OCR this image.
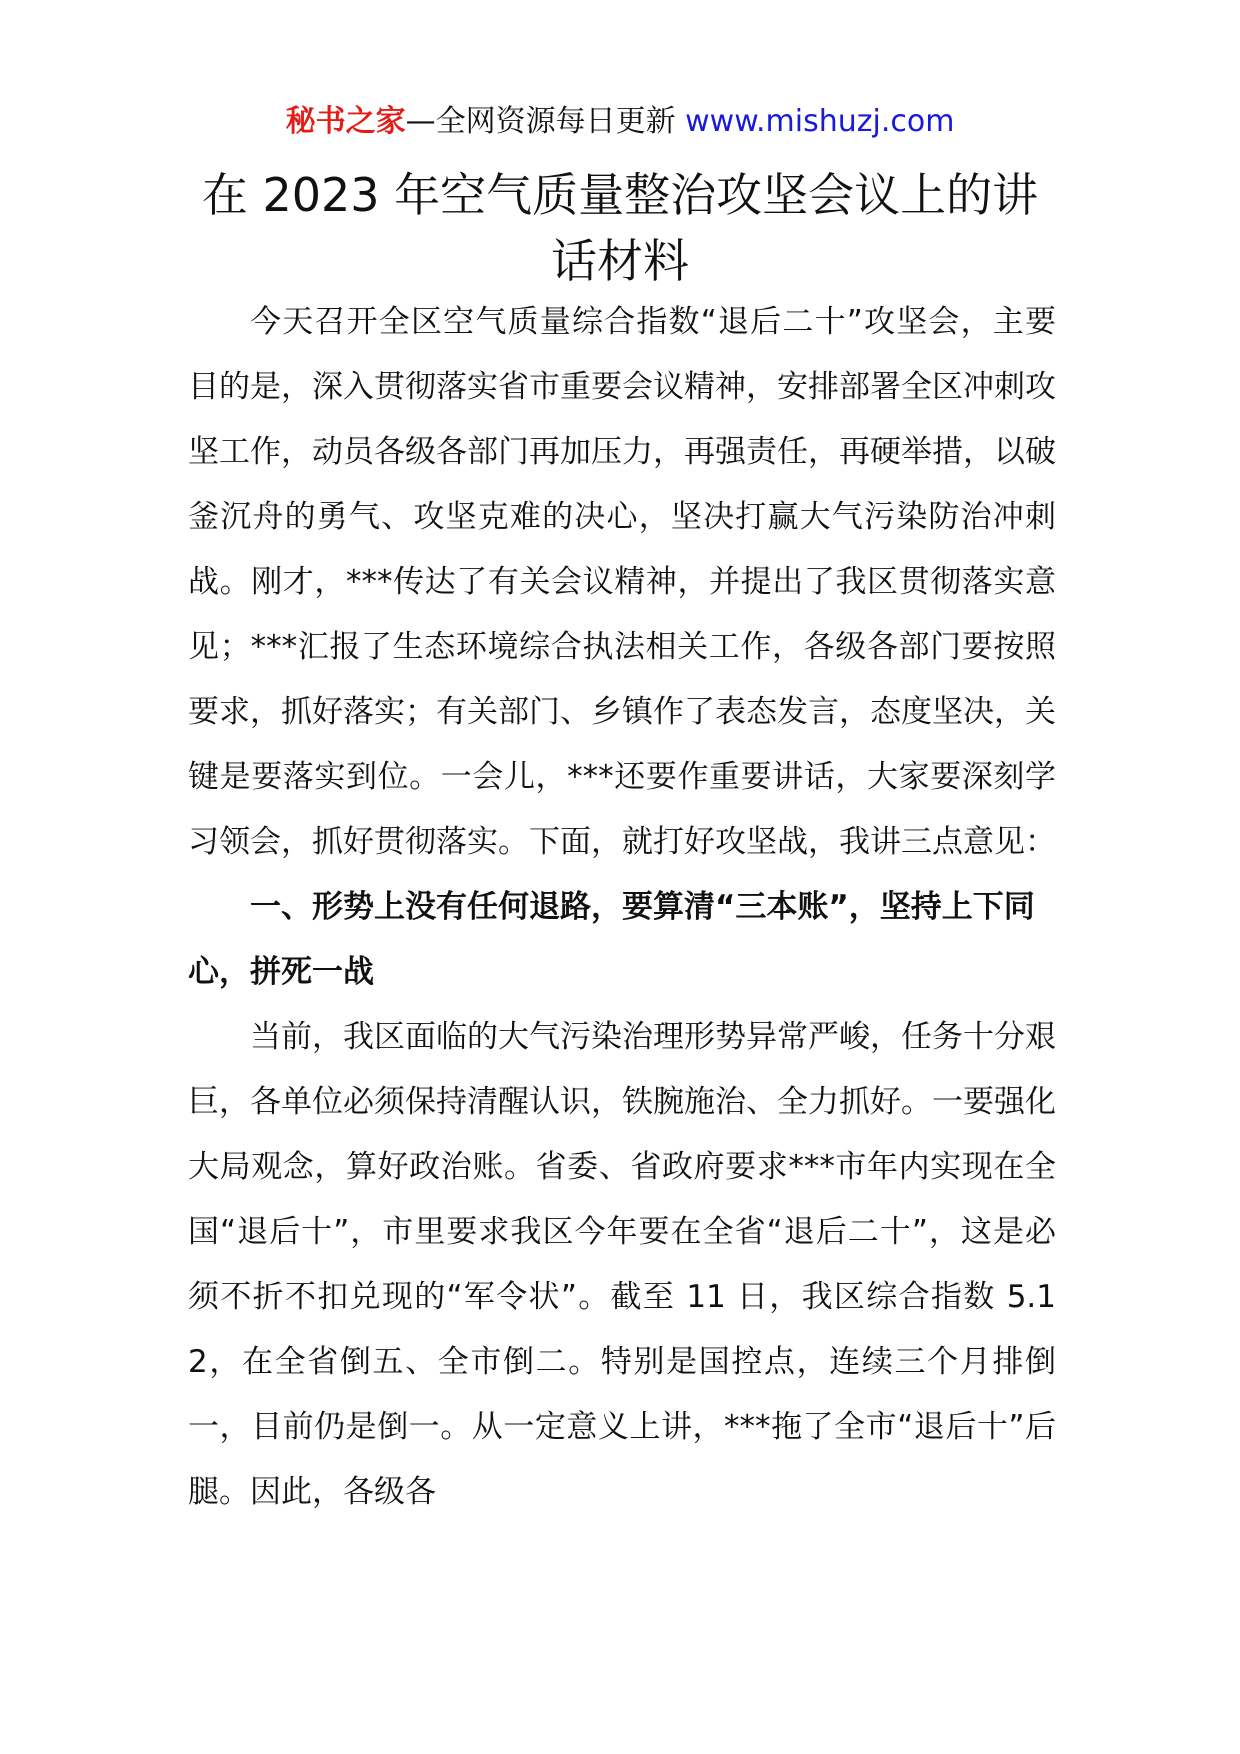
秘书之家—全网资源每日更新 www.mishuzj.com
在 2023 年空气质量整治攻坚会议上的讲话材料

今天召开全区空气质量综合指数“退后二十”攻坚会，主要目的是，深入贯彻落实省市重要会议精神，安排部署全区冲刺攻坚工作，动员各级各部门再加压力，再强责任，再硬举措，以破釜沉舟的勇气、攻坚克难的决心，坚决打赢大气污染防治冲刺战。刚才，***传达了有关会议精神，并提出了我区贯彻落实意见；***汇报了生态环境综合执法相关工作，各级各部门要按照要求，抓好落实；有关部门、乡镇作了表态发言，态度坚决，关键是要落实到位。一会儿，***还要作重要讲话，大家要深刻学习领会，抓好贯彻落实。下面，就打好攻坚战，我讲三点意见：

一、形势上没有任何退路，要算清“三本账”，坚持上下同心，拼死一战

当前，我区面临的大气污染治理形势异常严峻，任务十分艰巨，各单位必须保持清醒认识，铁腕施治、全力抓好。一要强化大局观念，算好政治账。省委、省政府要求***市年内实现在全国“退后十”，市里要求我区今年要在全省“退后二十”，这是必须不折不扣兑现的“军令状”。截至 11 日，我区综合指数 5.12，在全省倒五、全市倒二。特别是国控点，连续三个月排倒一，目前仍是倒一。从一定意义上讲，***拖了全市“退后十”后腿。因此，各级各
